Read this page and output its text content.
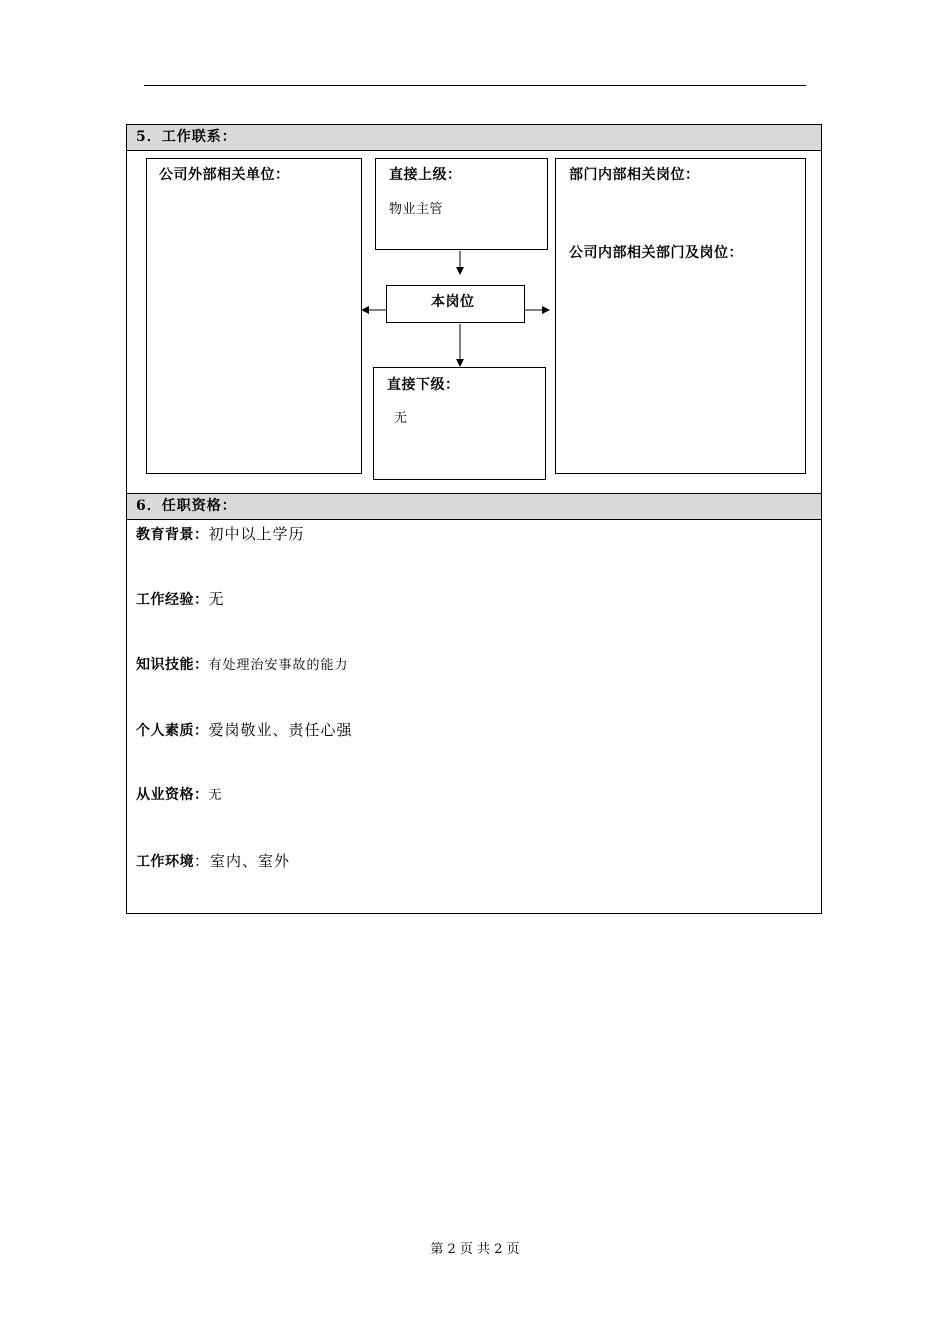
5．工作联系：
公司外部相关单位：	直接上级：
物业主管
本岗位
直接下级：
无
部门内部相关岗位：
公司内部相关部门及岗位：
6．任职资格：
教育背景：初中以上学历
工作经验：无
知识技能：有处理治安事故的能力
个人素质：爱岗敬业、责任心强
从业资格：无
工作环境：室内、室外
第 2 页 共 2 页
